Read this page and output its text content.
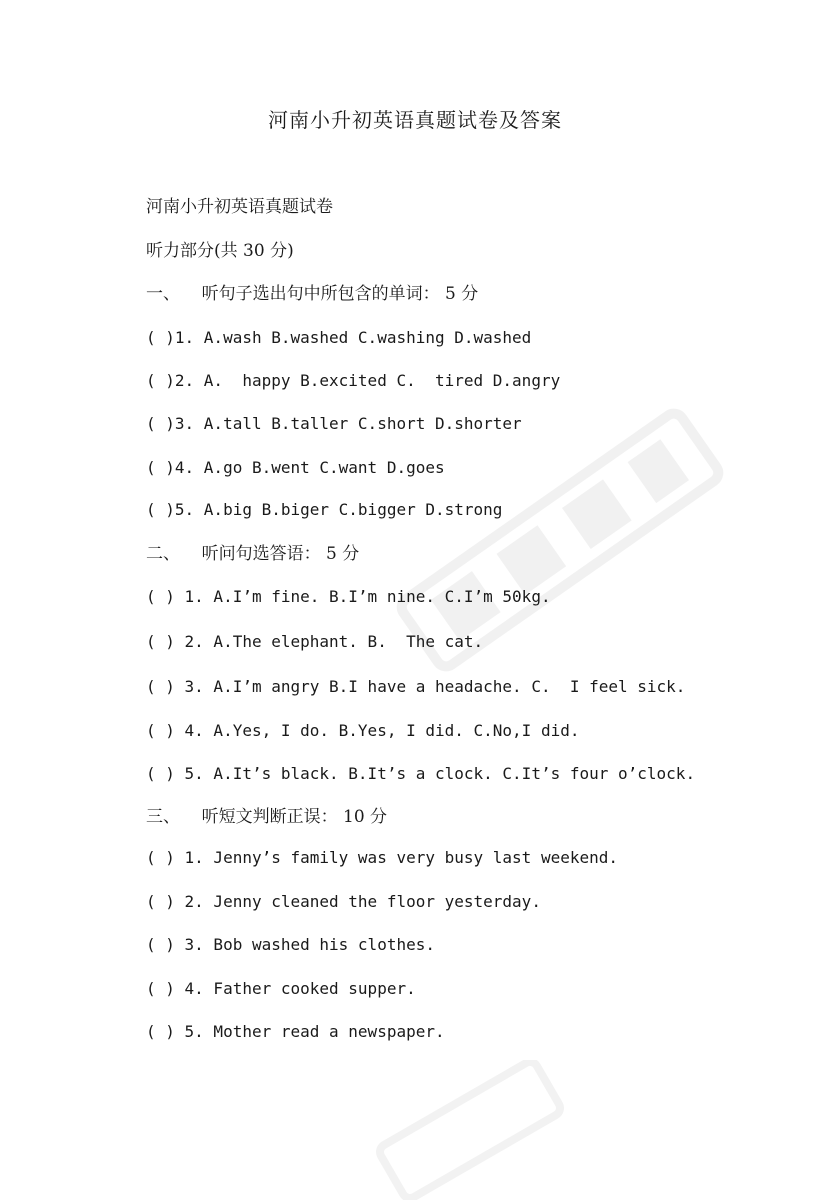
河南小升初英语真题试卷及答案
河南小升初英语真题试卷
听力部分(共 30 分)
一、    听句子选出句中所包含的单词： 5 分
( )1. A.wash B.washed C.washing D.washed
( )2. A.  happy B.excited C.  tired D.angry
( )3. A.tall B.taller C.short D.shorter
( )4. A.go B.went C.want D.goes
( )5. A.big B.biger C.bigger D.strong
二、    听问句选答语： 5 分
( ) 1. A.I’m fine. B.I’m nine. C.I’m 50kg.
( ) 2. A.The elephant. B.  The cat.
( ) 3. A.I’m angry B.I have a headache. C.  I feel sick.
( ) 4. A.Yes, I do. B.Yes, I did. C.No,I did.
( ) 5. A.It’s black. B.It’s a clock. C.It’s four o’clock.
三、    听短文判断正误： 10 分
( ) 1. Jenny’s family was very busy last weekend.
( ) 2. Jenny cleaned the floor yesterday.
( ) 3. Bob washed his clothes.
( ) 4. Father cooked supper.
( ) 5. Mother read a newspaper.
